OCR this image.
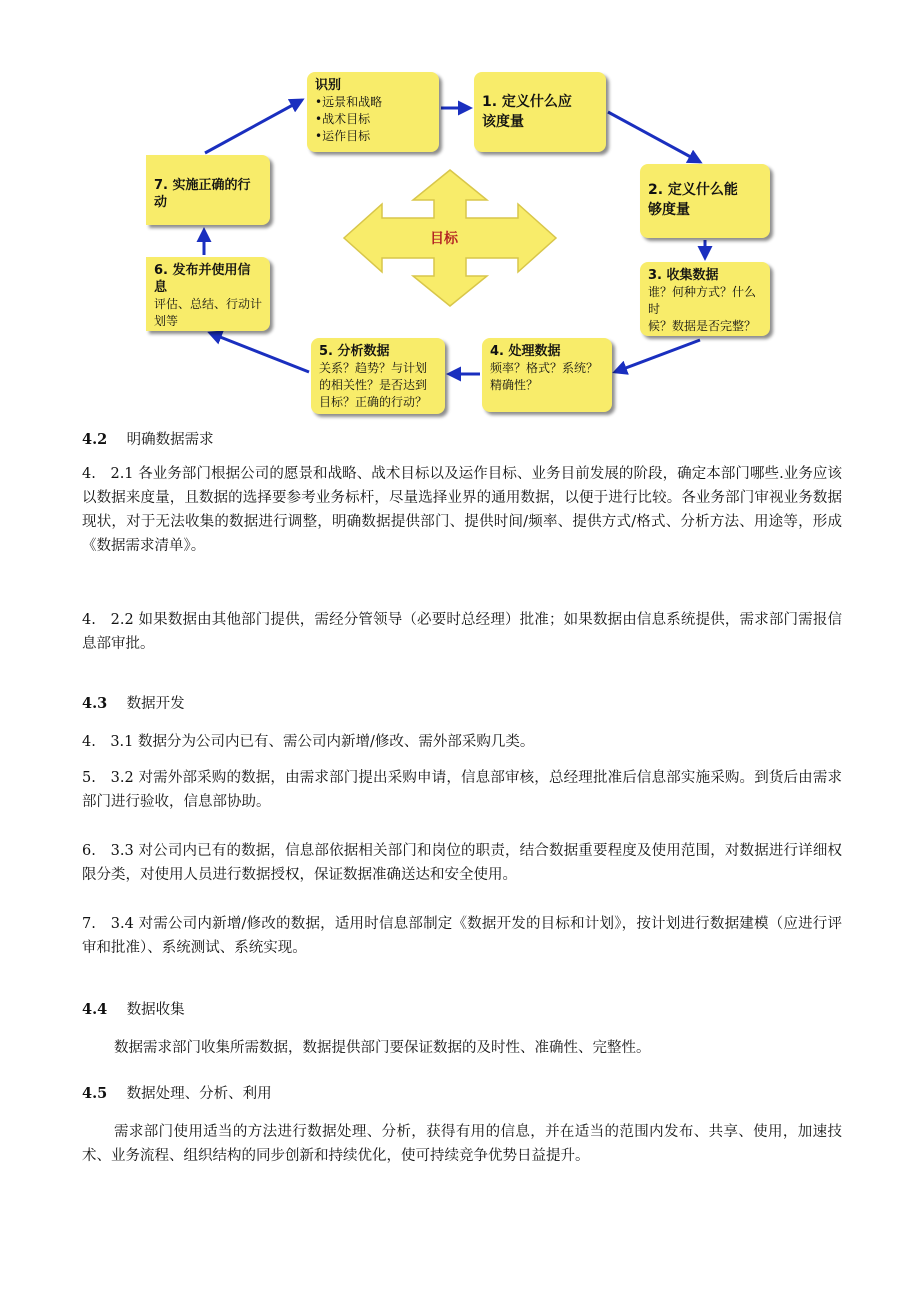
目标
识别
•远景和战略
•战术目标
•运作目标
1. 定义什么应
该度量
2. 定义什么能
够度量
3. 收集数据
谁？何种方式？什么时
候？数据是否完整？
4. 处理数据
频率？格式？系统？
精确性？
5. 分析数据
关系？趋势？与计划
的相关性？是否达到
目标？正确的行动？
6. 发布并使用信息
评估、总结、行动计
划等
7. 实施正确的行动
4.2 明确数据需求

4.　2.1 各业务部门根据公司的愿景和战略、战术目标以及运作目标、业务目前发展的阶段，确定本部门哪些.业务应该以数据来度量，且数据的选择要参考业务标杆，尽量选择业界的通用数据，以便于进行比较。各业务部门审视业务数据现状，对于无法收集的数据进行调整，明确数据提供部门、提供时间/频率、提供方式/格式、分析方法、用途等，形成《数据需求清单》。

4.　2.2 如果数据由其他部门提供，需经分管领导（必要时总经理）批准；如果数据由信息系统提供，需求部门需报信息部审批。

4.3 数据开发

4.　3.1 数据分为公司内已有、需公司内新增/修改、需外部采购几类。

5.　3.2 对需外部采购的数据，由需求部门提出采购申请，信息部审核，总经理批准后信息部实施采购。到货后由需求部门进行验收，信息部协助。

6.　3.3 对公司内已有的数据，信息部依据相关部门和岗位的职责，结合数据重要程度及使用范围，对数据进行详细权限分类，对使用人员进行数据授权，保证数据准确送达和安全使用。

7.　3.4 对需公司内新增/修改的数据，适用时信息部制定《数据开发的目标和计划》，按计划进行数据建模（应进行评审和批准）、系统测试、系统实现。

4.4 数据收集

数据需求部门收集所需数据，数据提供部门要保证数据的及时性、准确性、完整性。

4.5 数据处理、分析、利用

需求部门使用适当的方法进行数据处理、分析，获得有用的信息，并在适当的范围内发布、共享、使用，加速技术、业务流程、组织结构的同步创新和持续优化，使可持续竞争优势日益提升。
